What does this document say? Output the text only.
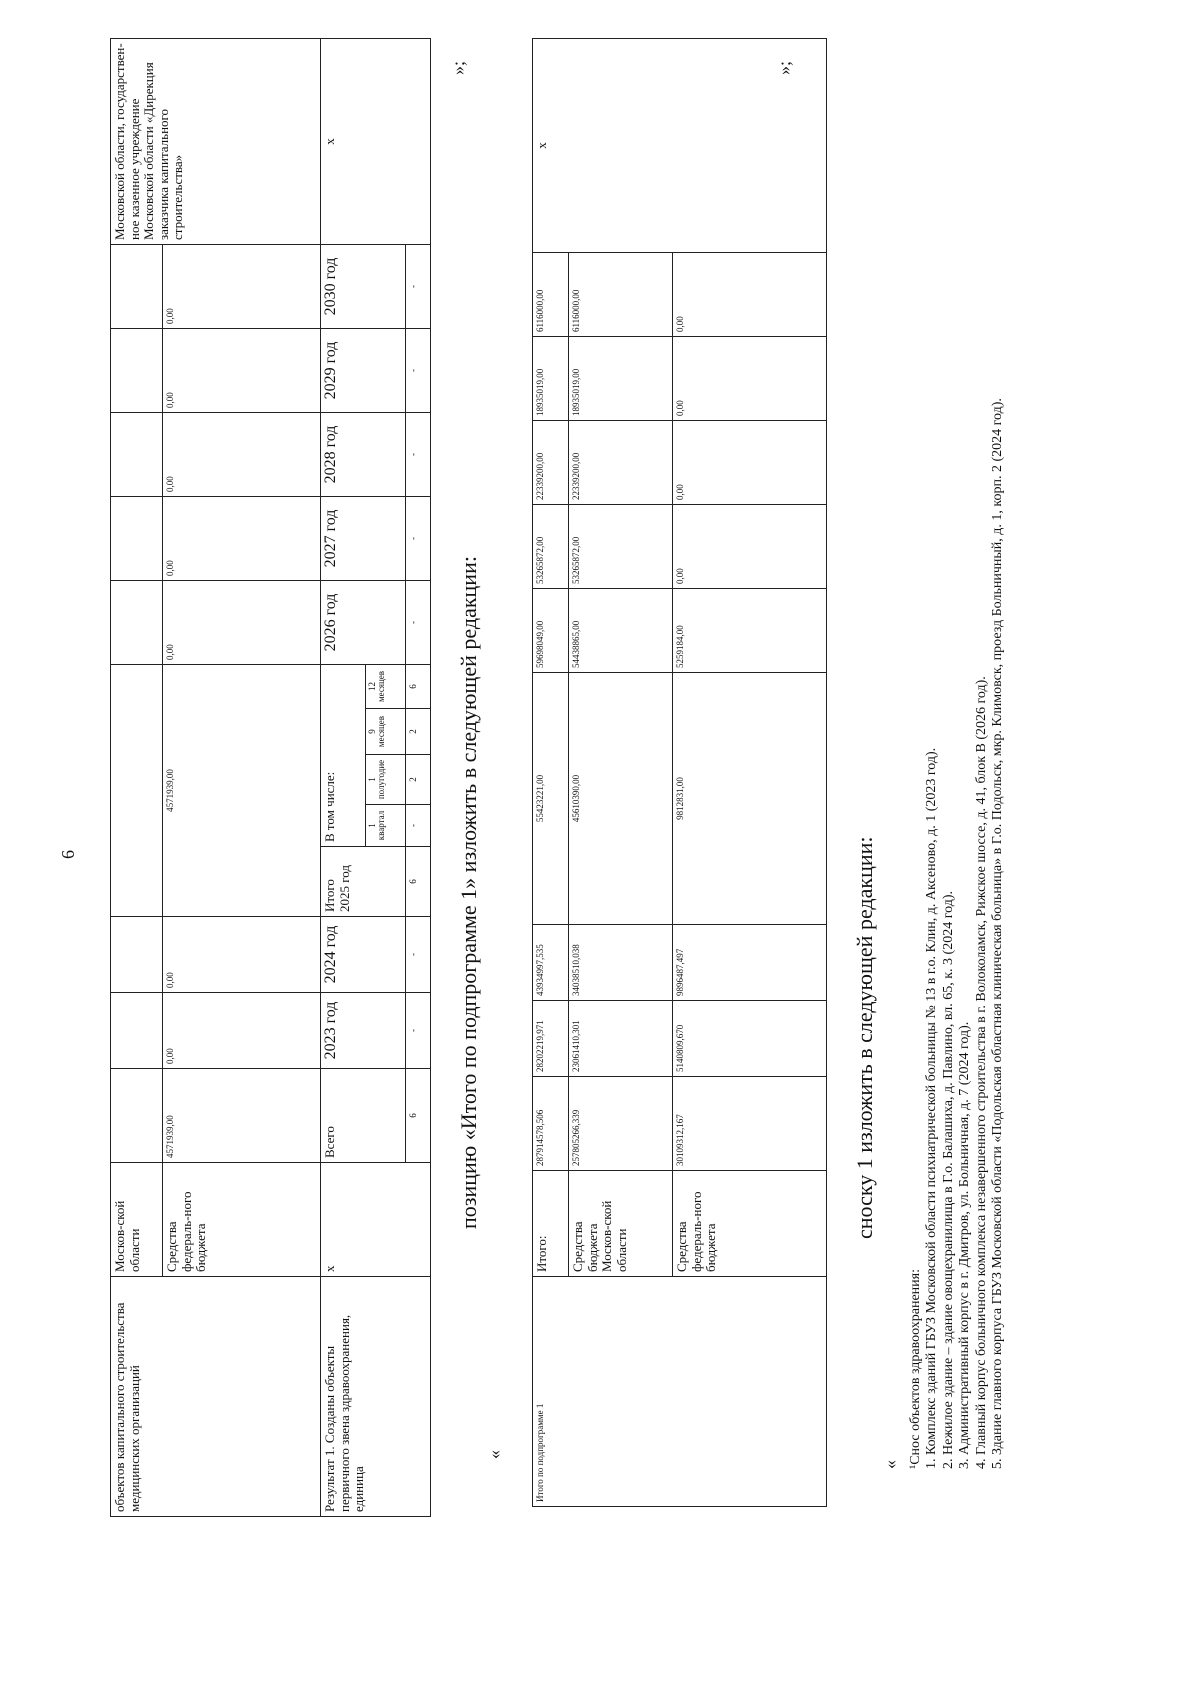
6
объектов капитального строительства медицинских организаций	Москов-ской области														Московской области, государствен-ное казенное учреждение Московской области «Дирекция заказчика капитального строительства»
	Средства федераль-ного бюджета	4571939,00	0,00	0,00	4571939,00					0,00	0,00	0,00	0,00	0,00	
Результат 1. Созданы объекты первичного звена здравоохранения, единица	x	Всего	2023 год	2024 год	Итого 2025 год	В том числе:				2026 год	2027 год	2028 год	2029 год	2030 год	x
						1 квартал	1 полугодие	9 месяцев	12 месяцев						
		6	-	-	6	-	2	2	6	-	-	-	-	-	
»;
позицию «Итого по подпрограмме 1» изложить в следующей редакции:
«	Итого по подпрограмме 1	Итого:	287914578,506	28202219,971	43934997,535	55423221,00	59698049,00	53265872,00	22339200,00	18935019,00	6116000,00	x
	Средства бюджета Москов-ской области	257805266,339	23061410,301	34038510,038	45610390,00	54438865,00	53265872,00	22339200,00	18935019,00	6116000,00	
	Средства федераль-ного бюджета	30109312,167	5140809,670	9896487,497	9812831,00	5259184,00	0,00	0,00	0,00	0,00	
»;
сноску 1 изложить в следующей редакции:
« ¹Снос объектов здравоохранения: 1. Комплекс зданий ГБУЗ Московской области психиатрической больницы № 13 в г.о. Клин, д. Аксеново, д. 1 (2023 год). 2. Нежилое здание – здание овощехранилища в Г.о. Балашиха, д. Павлино, вл. 65, к. 3 (2024 год). 3. Административный корпус в г. Дмитров, ул. Больничная, д. 7 (2024 год). 4. Главный корпус больничного комплекса незавершенного строительства в г. Волоколамск, Рижское шоссе, д. 41, блок В (2026 год). 5. Здание главного корпуса ГБУЗ Московской области «Подольская областная клиническая больница» в Г.о. Подольск, мкр. Климовск, проезд Больничный, д. 1, корп. 2 (2024 год).
